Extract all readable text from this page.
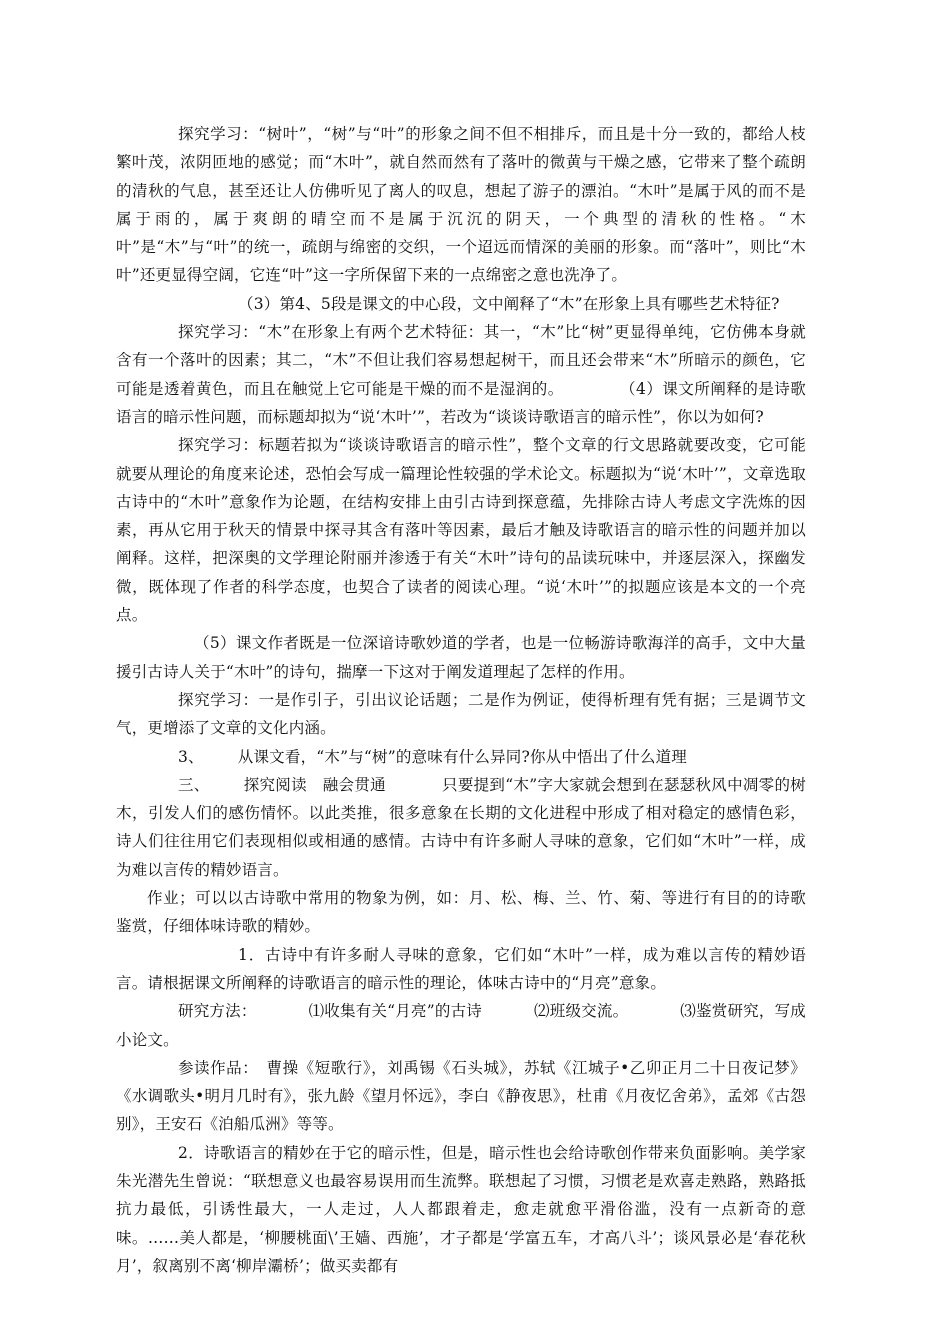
探究学习：“树叶”，“树”与“叶”的形象之间不但不相排斥，而且是十分一致的，都给人枝繁叶茂，浓阴匝地的感觉；而“木叶”，就自然而然有了落叶的微黄与干燥之感，它带来了整个疏朗的清秋的气息，甚至还让人仿佛听见了离人的叹息，想起了游子的漂泊。“木叶”是属于风的而不是属于雨的，属于爽朗的晴空而不是属于沉沉的阴天，一个典型的清秋的性格。“木叶”是“木”与“叶”的统一，疏朗与绵密的交织，一个迢远而情深的美丽的形象。而“落叶”，则比“木叶”还更显得空阔，它连“叶”这一字所保留下来的一点绵密之意也洗净了。

（3）第4、5段是课文的中心段，文中阐释了“木”在形象上具有哪些艺术特征?

探究学习：“木”在形象上有两个艺术特征：其一，“木”比“树”更显得单纯，它仿佛本身就含有一个落叶的因素；其二，“木”不但让我们容易想起树干，而且还会带来“木”所暗示的颜色，它可能是透着黄色，而且在触觉上它可能是干燥的而不是湿润的。	（4）课文所阐释的是诗歌语言的暗示性问题，而标题却拟为“说‘木叶’”，若改为“谈谈诗歌语言的暗示性”，你以为如何?

探究学习：标题若拟为“谈谈诗歌语言的暗示性”，整个文章的行文思路就要改变，它可能就要从理论的角度来论述，恐怕会写成一篇理论性较强的学术论文。标题拟为“说‘木叶’”，文章选取古诗中的“木叶”意象作为论题，在结构安排上由引古诗到探意蕴，先排除古诗人考虑文字洗炼的因素，再从它用于秋天的情景中探寻其含有落叶等因素，最后才触及诗歌语言的暗示性的问题并加以阐释。这样，把深奥的文学理论附丽并渗透于有关“木叶”诗句的品读玩味中，并逐层深入，探幽发微，既体现了作者的科学态度，也契合了读者的阅读心理。“说‘木叶’”的拟题应该是本文的一个亮点。

（5）课文作者既是一位深谙诗歌妙道的学者，也是一位畅游诗歌海洋的高手，文中大量援引古诗人关于“木叶”的诗句，揣摩一下这对于阐发道理起了怎样的作用。

探究学习：一是作引子，引出议论话题；二是作为例证，使得析理有凭有据；三是调节文气，更增添了文章的文化内涵。

3、 从课文看，“木”与“树”的意味有什么异同?你从中悟出了什么道理

三、 探究阅读　融会贯通	只要提到“木”字大家就会想到在瑟瑟秋风中凋零的树木，引发人们的感伤情怀。以此类推，很多意象在长期的文化进程中形成了相对稳定的感情色彩，诗人们往往用它们表现相似或相通的感情。古诗中有许多耐人寻味的意象，它们如“木叶”一样，成为难以言传的精妙语言。

作业；可以以古诗歌中常用的物象为例，如：月、松、梅、兰、竹、菊、等进行有目的的诗歌鉴赏，仔细体味诗歌的精妙。

1．古诗中有许多耐人寻味的意象，它们如“木叶”一样，成为难以言传的精妙语言。请根据课文所阐释的诗歌语言的暗示性的理论，体味古诗中的“月亮”意象。

研究方法：	⑴收集有关“月亮”的古诗	⑵班级交流。	⑶鉴赏研究，写成小论文。

参读作品：　曹操《短歌行》，刘禹锡《石头城》，苏轼《江城子•乙卯正月二十日夜记梦》《水调歌头•明月几时有》，张九龄《望月怀远》，李白《静夜思》，杜甫《月夜忆舍弟》，孟郊《古怨别》，王安石《泊船瓜洲》等等。

2．诗歌语言的精妙在于它的暗示性，但是，暗示性也会给诗歌创作带来负面影响。美学家朱光潜先生曾说：“联想意义也最容易误用而生流弊。联想起了习惯，习惯老是欢喜走熟路，熟路抵抗力最低，引诱性最大，一人走过，人人都跟着走，愈走就愈平滑俗滥，没有一点新奇的意味。……美人都是，‘柳腰桃面\’王嫱、西施’，才子都是‘学富五车，才高八斗’；谈风景必是‘春花秋月’，叙离别不离‘柳岸灞桥’；做买卖都有
